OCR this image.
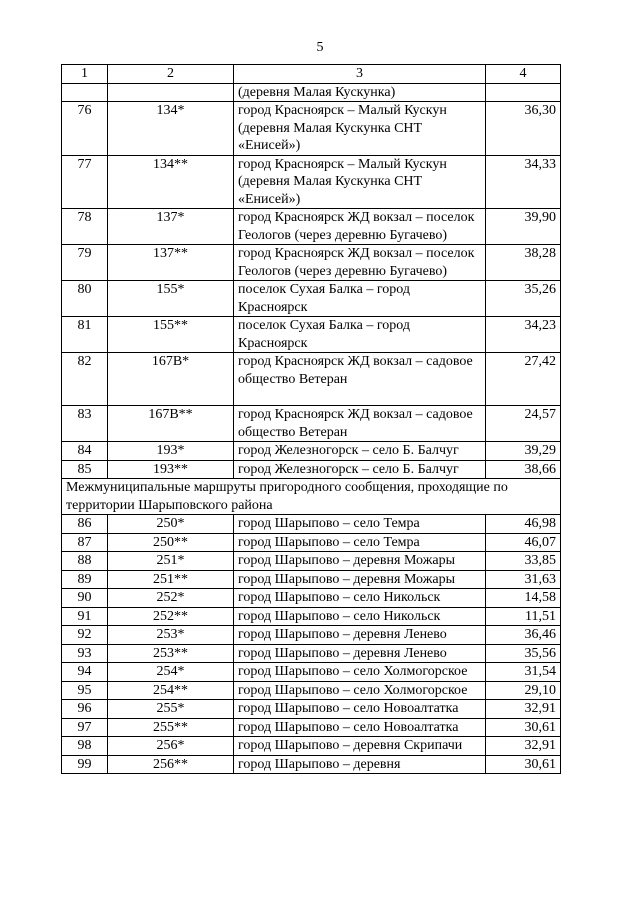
5
1	2	3	4
		(деревня Малая Кускунка)	
76	134*	город Красноярск – Малый Кускун (деревня Малая Кускунка СНТ «Енисей»)	36,30
77	134**	город Красноярск – Малый Кускун (деревня Малая Кускунка СНТ «Енисей»)	34,33
78	137*	город Красноярск ЖД вокзал – поселок Геологов (через деревню Бугачево)	39,90
79	137**	город Красноярск ЖД вокзал – поселок Геологов (через деревню Бугачево)	38,28
80	155*	поселок Сухая Балка – город Красноярск	35,26
81	155**	поселок Сухая Балка – город Красноярск	34,23
82	167В*	город Красноярск ЖД вокзал – садовое общество Ветеран	27,42
83	167В**	город Красноярск ЖД вокзал – садовое общество Ветеран	24,57
84	193*	город Железногорск – село Б. Балчуг	39,29
85	193**	город Железногорск – село Б. Балчуг	38,66
Межмуниципальные маршруты пригородного сообщения, проходящие по территории Шарыповского района			
86	250*	город Шарыпово – село Темра	46,98
87	250**	город Шарыпово – село Темра	46,07
88	251*	город Шарыпово – деревня Можары	33,85
89	251**	город Шарыпово – деревня Можары	31,63
90	252*	город Шарыпово – село Никольск	14,58
91	252**	город Шарыпово – село Никольск	11,51
92	253*	город Шарыпово – деревня Ленево	36,46
93	253**	город Шарыпово – деревня Ленево	35,56
94	254*	город Шарыпово – село Холмогорское	31,54
95	254**	город Шарыпово – село Холмогорское	29,10
96	255*	город Шарыпово – село Новоалтатка	32,91
97	255**	город Шарыпово – село Новоалтатка	30,61
98	256*	город Шарыпово – деревня Скрипачи	32,91
99	256**	город Шарыпово – деревня	30,61
